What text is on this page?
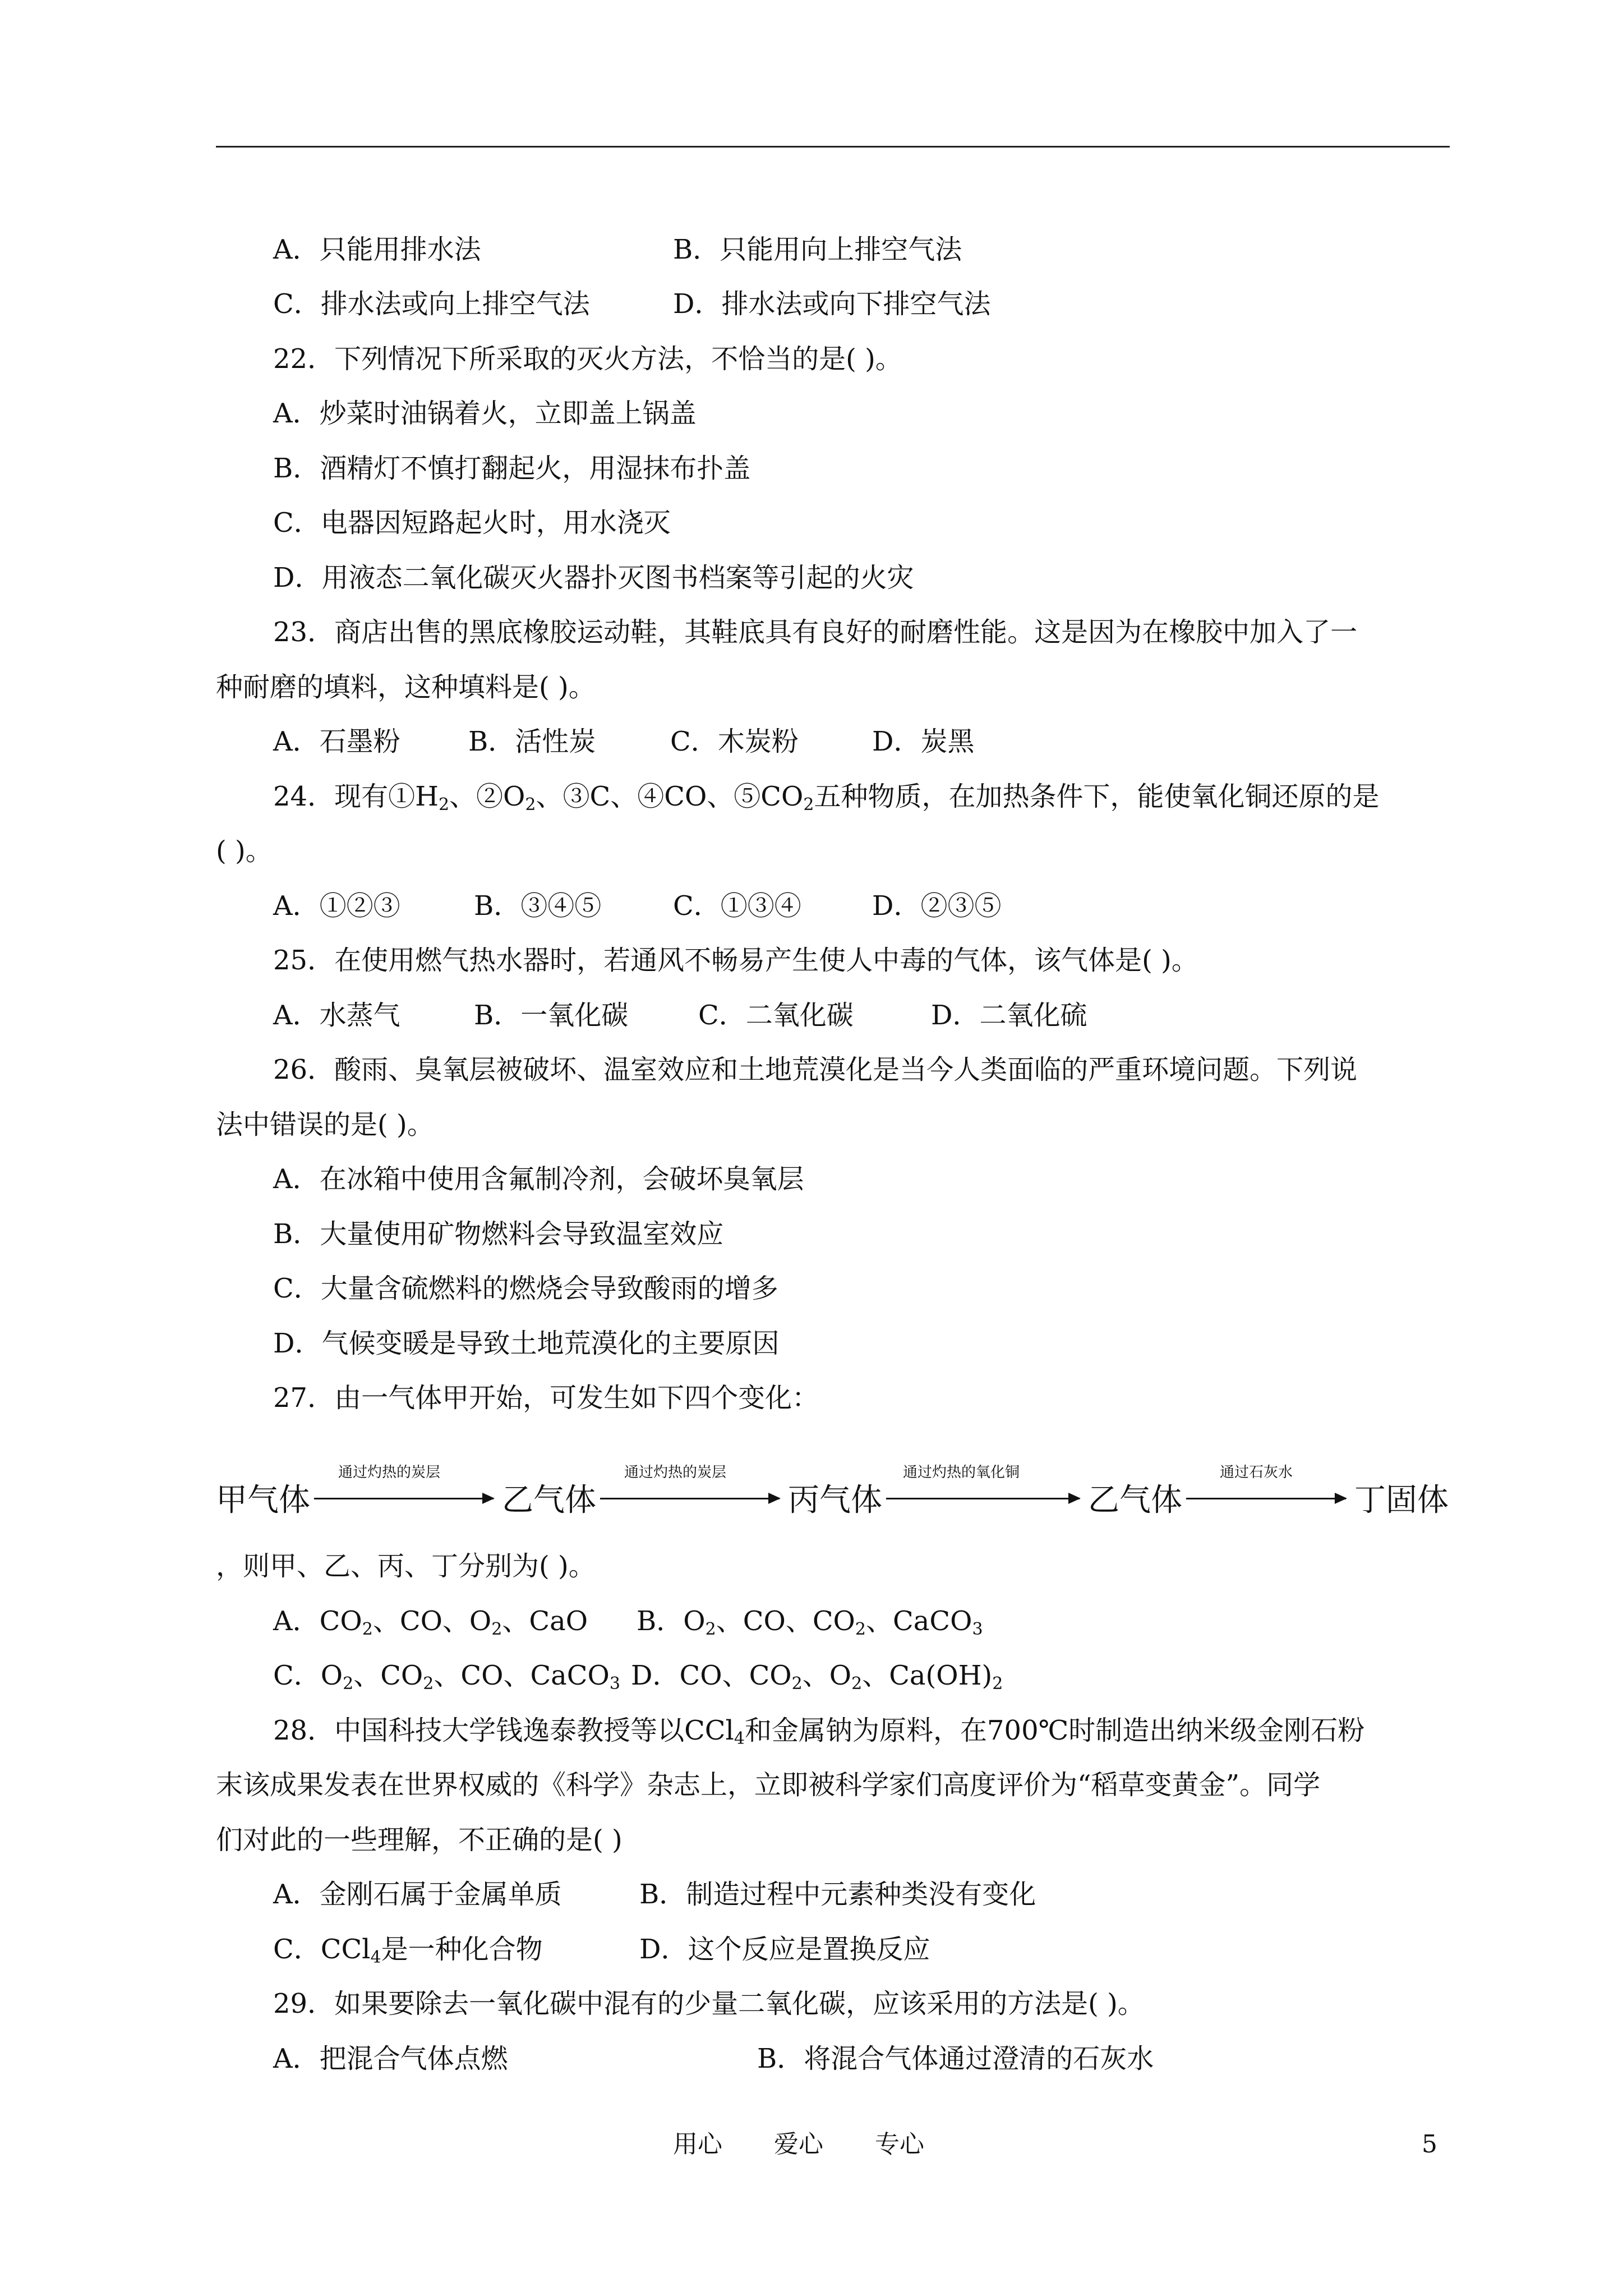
A．只能用排水法	B．只能用向上排空气法
C．排水法或向上排空气法	D．排水法或向下排空气法
22．下列情况下所采取的灭火方法，不恰当的是( )。
A．炒菜时油锅着火，立即盖上锅盖
B．酒精灯不慎打翻起火，用湿抹布扑盖
C．电器因短路起火时，用水浇灭
D．用液态二氧化碳灭火器扑灭图书档案等引起的火灾
23．商店出售的黑底橡胶运动鞋，其鞋底具有良好的耐磨性能。这是因为在橡胶中加入了一
种耐磨的填料，这种填料是( )。
A．石墨粉	B．活性炭	C．木炭粉	D．炭黑
24．现有$①H_2$、$②O_2$、③C、④CO、$⑤CO_2$五种物质，在加热条件下，能使氧化铜还原的是
( )。
A．①②③	B．③④⑤	C．①③④	D．②③⑤
25．在使用燃气热水器时，若通风不畅易产生使人中毒的气体，该气体是( )。
A．水蒸气	B．一氧化碳	C．二氧化碳	D．二氧化硫
26．酸雨、臭氧层被破坏、温室效应和土地荒漠化是当今人类面临的严重环境问题。下列说
法中错误的是( )。
A．在冰箱中使用含氟制冷剂，会破坏臭氧层
B．大量使用矿物燃料会导致温室效应
C．大量含硫燃料的燃烧会导致酸雨的增多
D．气候变暖是导致土地荒漠化的主要原因
27．由一气体甲开始，可发生如下四个变化：
甲气体
通过灼热的炭层
乙气体
通过灼热的炭层
丙气体
通过灼热的氧化铜
乙气体
通过石灰水
丁固体
，则甲、乙、丙、丁分别为( )。
A．$CO_2$、CO、$O_2$、CaO B．$O_2$、CO、$CO_2$、CaCO$_3$
C．$O_2$、$CO_2$、CO、CaCO$_3$ D．CO、$CO_2$、$O_2$、$Ca(OH)_2$
28．中国科技大学钱逸泰教授等以CCl$_4$和金属钠为原料，在700℃时制造出纳米级金刚石粉
末该成果发表在世界权威的《科学》杂志上，立即被科学家们高度评价为“稻草变黄金”。同学
们对此的一些理解，不正确的是( )
A．金刚石属于金属单质	B．制造过程中元素种类没有变化
C．CCl$_4$是一种化合物	D．这个反应是置换反应
29．如果要除去一氧化碳中混有的少量二氧化碳，应该采用的方法是( )。
A．把混合气体点燃	B．将混合气体通过澄清的石灰水
用心 爱心 专心	5
